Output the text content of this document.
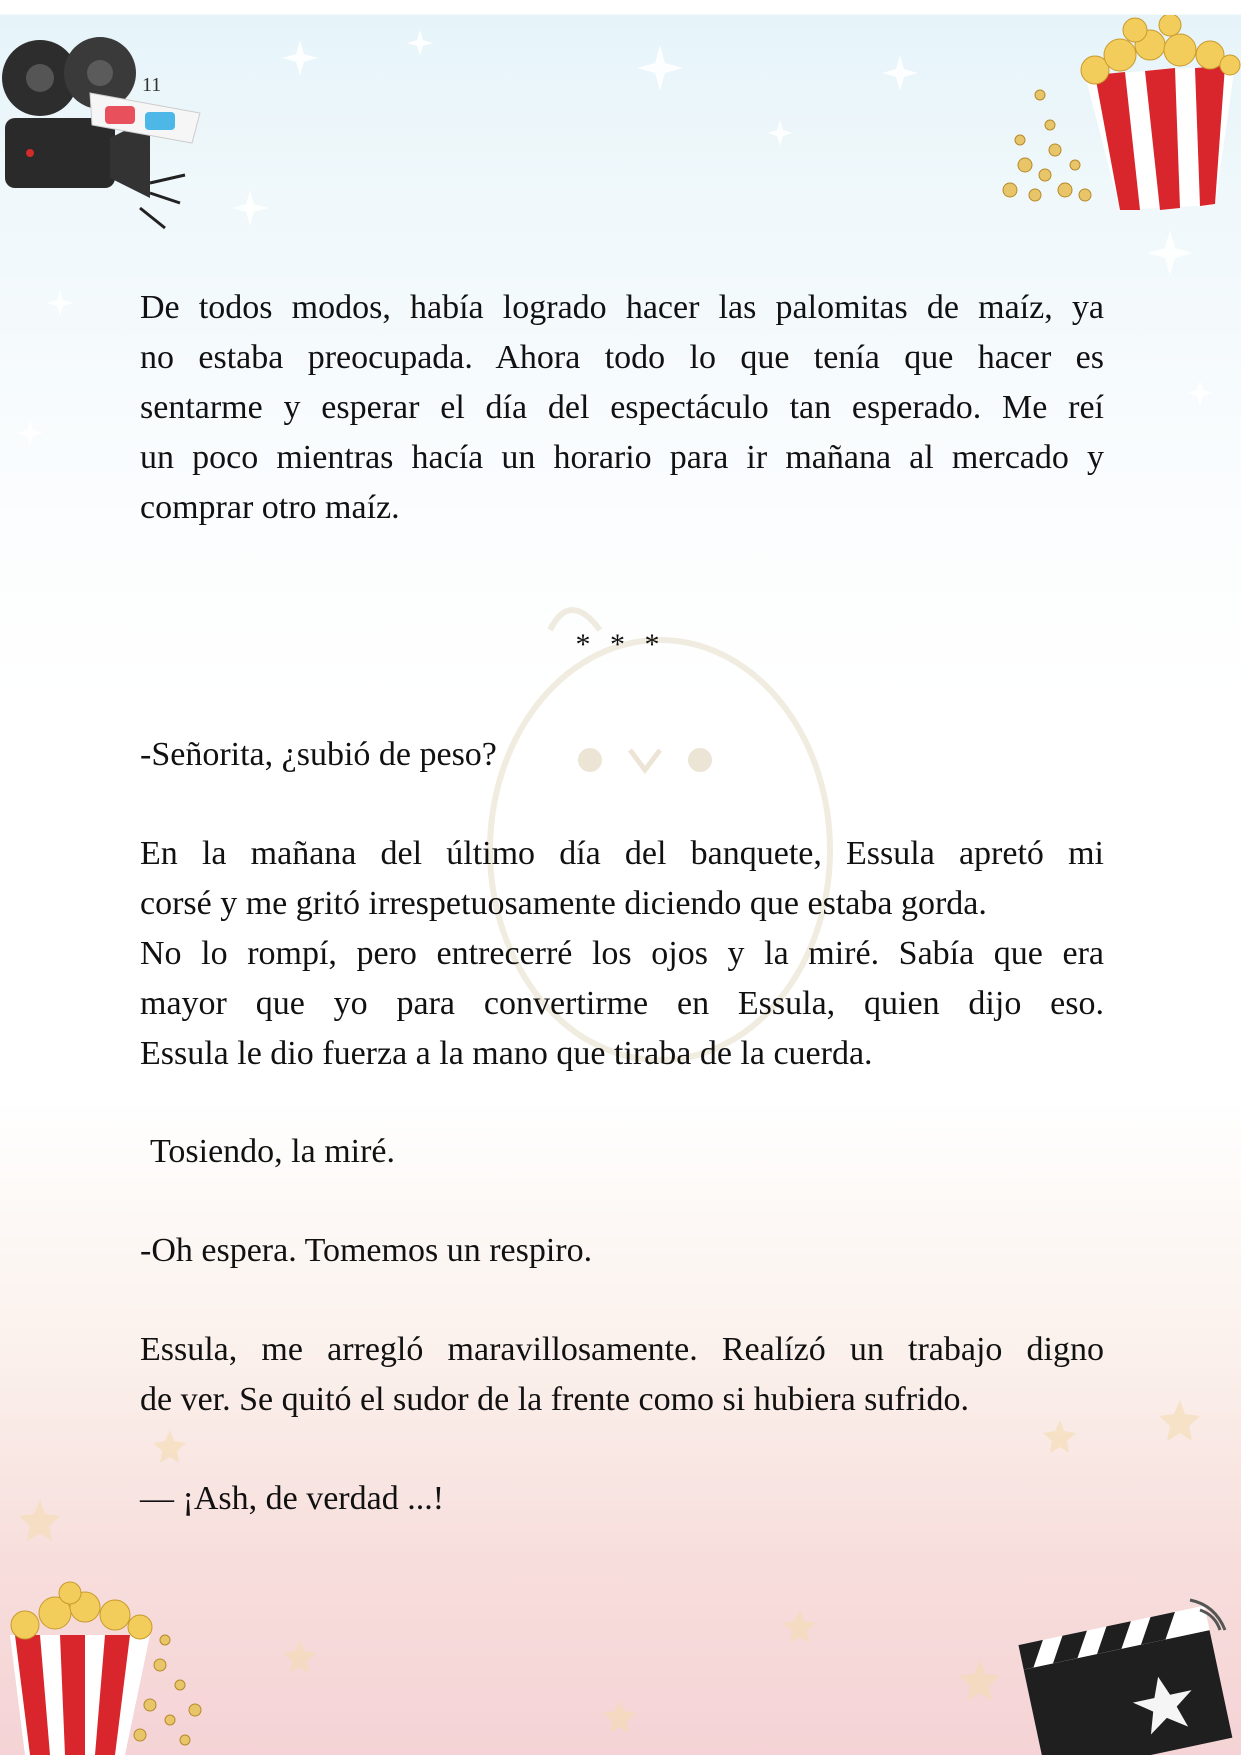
11
De todos modos, había logrado hacer las palomitas de maíz, ya
no estaba preocupada. Ahora todo lo que tenía que hacer es
sentarme y esperar el día del espectáculo tan esperado. Me reí
un poco mientras hacía un horario para ir mañana al mercado y
comprar otro maíz.
* * *
-Señorita, ¿subió de peso?
En la mañana del último día del banquete, Essula apretó mi
corsé y me gritó irrespetuosamente diciendo que estaba gorda.
No lo rompí, pero entrecerré los ojos y la miré. Sabía que era
mayor que yo para convertirme en Essula, quien dijo eso.
Essula le dio fuerza a la mano que tiraba de la cuerda.
Tosiendo, la miré.
-Oh espera. Tomemos un respiro.
Essula, me arregló maravillosamente. Realízó un trabajo digno
de ver. Se quitó el sudor de la frente como si hubiera sufrido.
— ¡Ash, de verdad ...!
